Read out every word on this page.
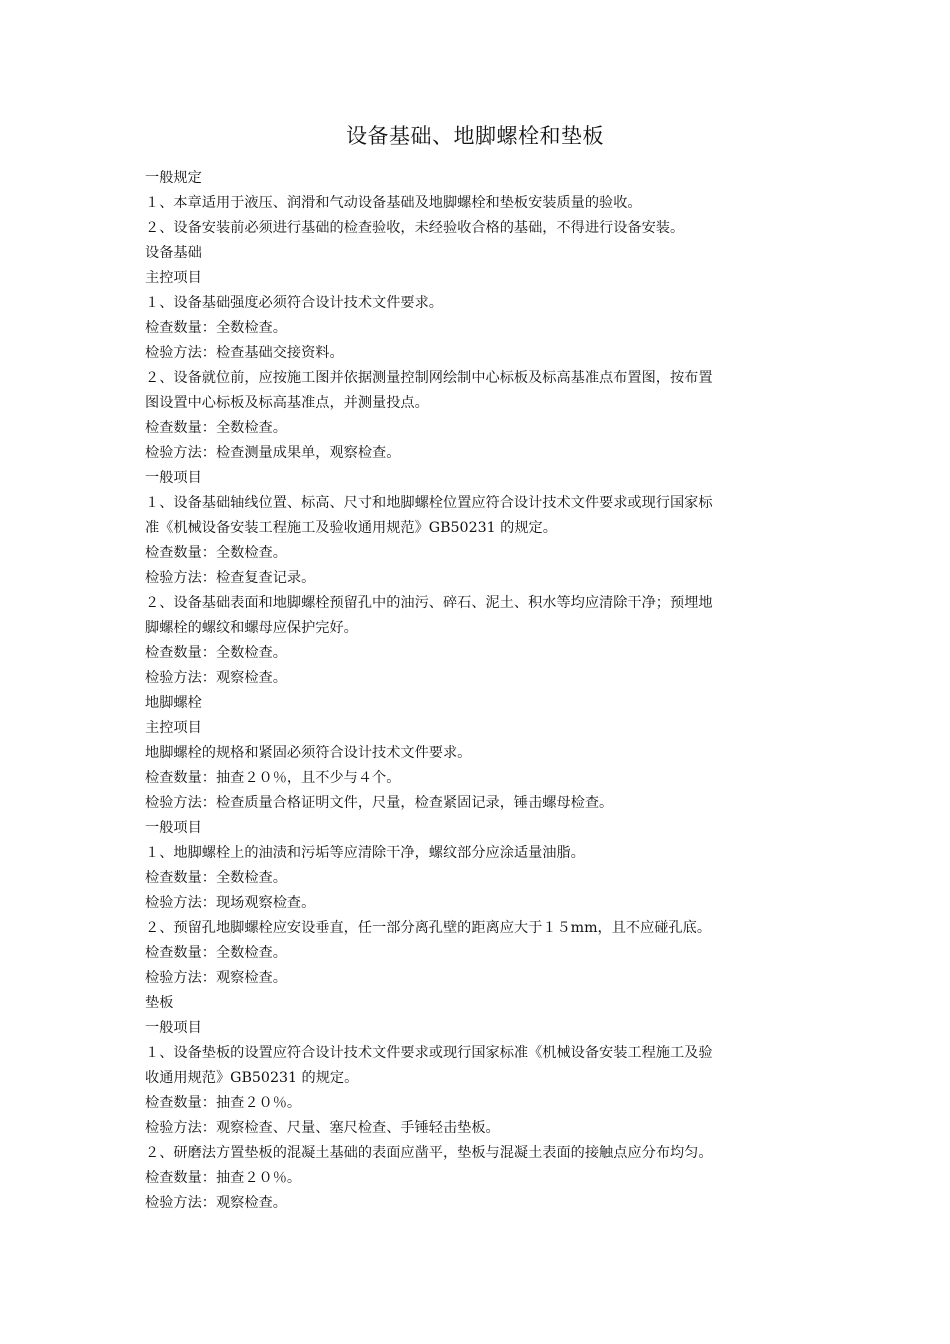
设备基础、地脚螺栓和垫板
一般规定
１、本章适用于液压、润滑和气动设备基础及地脚螺栓和垫板安装质量的验收。
２、设备安装前必须进行基础的检查验收，未经验收合格的基础，不得进行设备安装。
设备基础
主控项目
１、设备基础强度必须符合设计技术文件要求。
检查数量：全数检查。
检验方法：检查基础交接资料。
２、设备就位前，应按施工图并依据测量控制网绘制中心标板及标高基准点布置图，按布置
图设置中心标板及标高基准点，并测量投点。
检查数量：全数检查。
检验方法：检查测量成果单，观察检查。
一般项目
１、设备基础轴线位置、标高、尺寸和地脚螺栓位置应符合设计技术文件要求或现行国家标
准《机械设备安装工程施工及验收通用规范》GB50231 的规定。
检查数量：全数检查。
检验方法：检查复查记录。
２、设备基础表面和地脚螺栓预留孔中的油污、碎石、泥土、积水等均应清除干净；预埋地
脚螺栓的螺纹和螺母应保护完好。
检查数量：全数检查。
检验方法：观察检查。
地脚螺栓
主控项目
地脚螺栓的规格和紧固必须符合设计技术文件要求。
检查数量：抽查２０％，且不少与４个。
检验方法：检查质量合格证明文件，尺量，检查紧固记录，锤击螺母检查。
一般项目
１、地脚螺栓上的油渍和污垢等应清除干净，螺纹部分应涂适量油脂。
检查数量：全数检查。
检验方法：现场观察检查。
２、预留孔地脚螺栓应安设垂直，任一部分离孔壁的距离应大于１５mm，且不应碰孔底。
检查数量：全数检查。
检验方法：观察检查。
垫板
一般项目
１、设备垫板的设置应符合设计技术文件要求或现行国家标准《机械设备安装工程施工及验
收通用规范》GB50231 的规定。
检查数量：抽查２０％。
检验方法：观察检查、尺量、塞尺检查、手锤轻击垫板。
２、研磨法方置垫板的混凝土基础的表面应凿平，垫板与混凝土表面的接触点应分布均匀。
检查数量：抽查２０％。
检验方法：观察检查。
